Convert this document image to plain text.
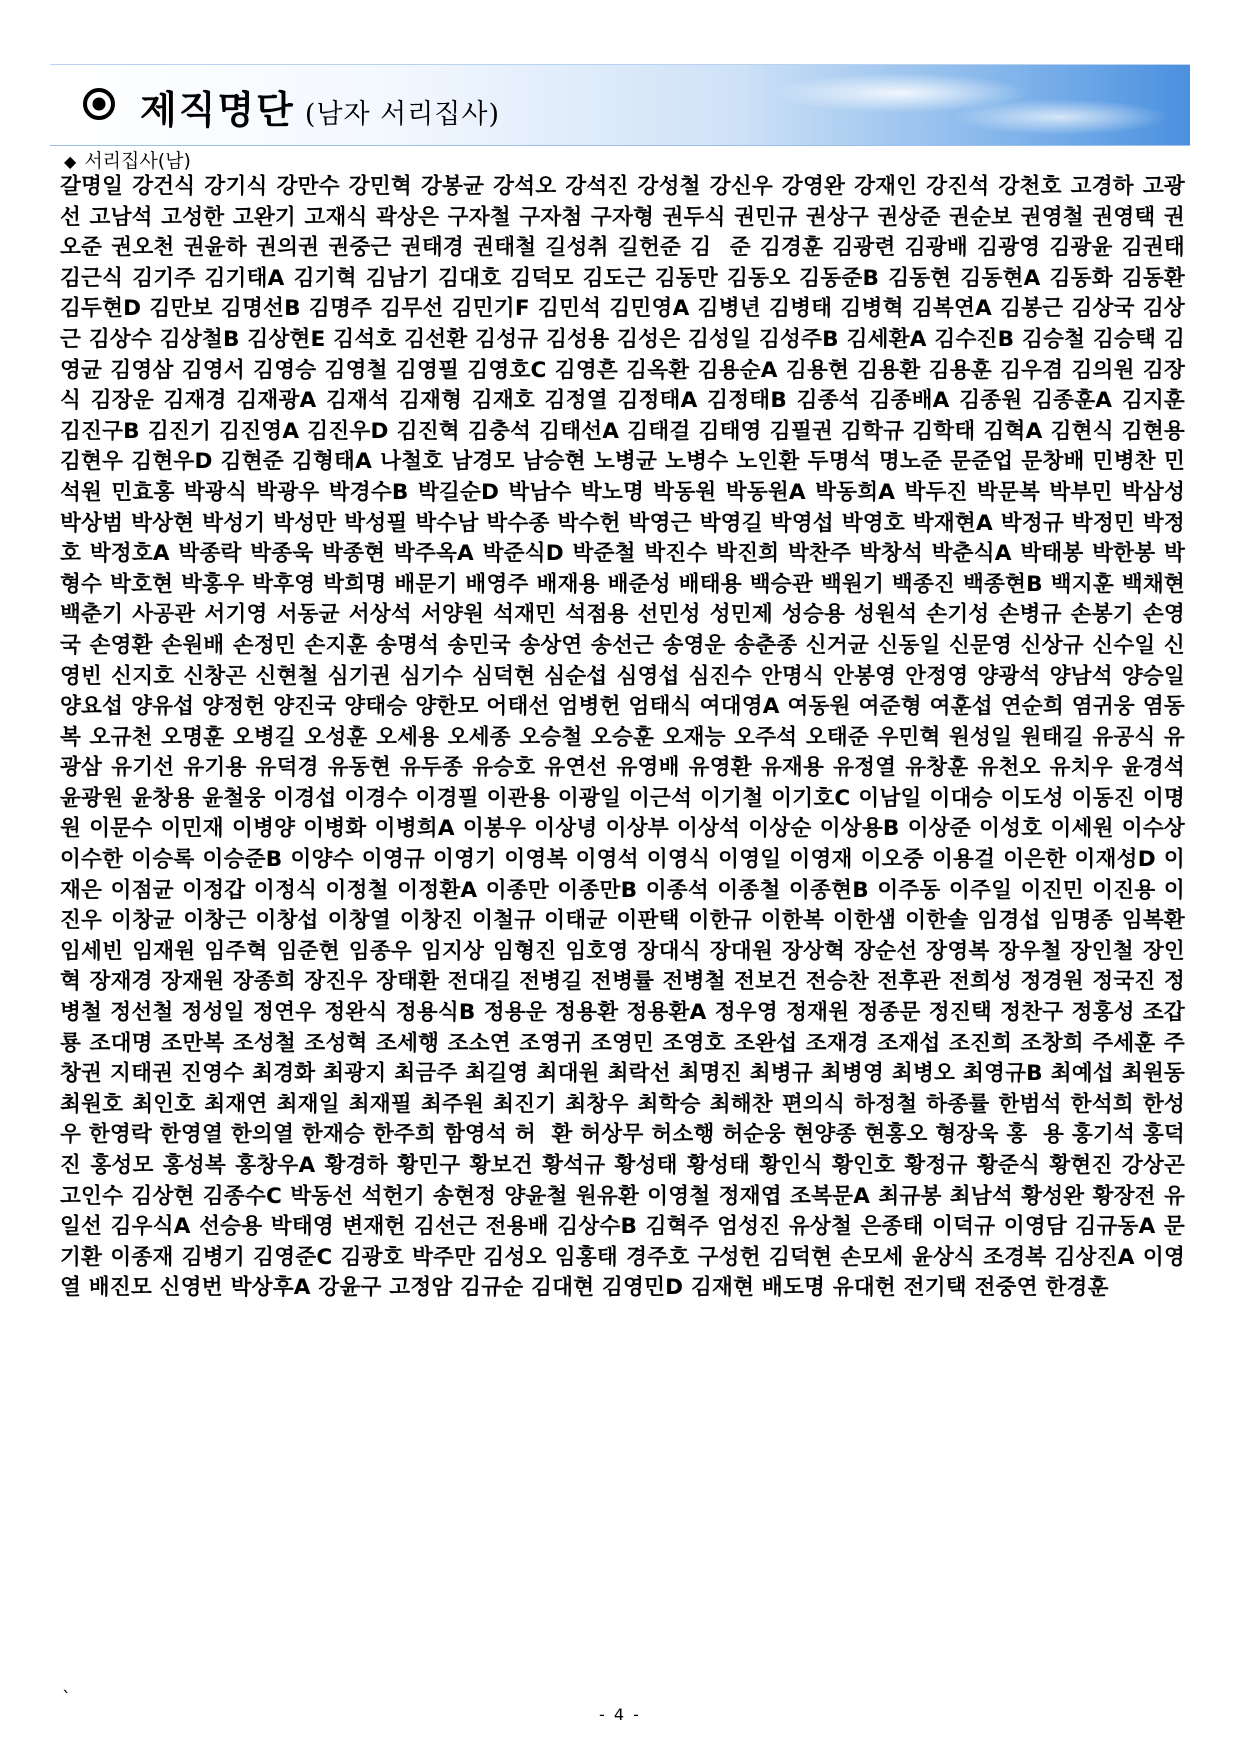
제직명단 (남자 서리집사)
◆ 서리집사(남)
갈명일 강건식 강기식 강만수 강민혁 강봉균 강석오 강석진 강성철 강신우 강영완 강재인 강진석 강천호 고경하 고광선 고남석 고성한 고완기 고재식 곽상은 구자철 구자첨 구자형 권두식 권민규 권상구 권상준 권순보 권영철 권영택 권오준 권오천 권윤하 권의권 권중근 권태경 권태철 길성취 길헌준 김  준 김경훈 김광련 김광배 김광영 김광윤 김권태 김근식 김기주 김기태A 김기혁 김남기 김대호 김덕모 김도근 김동만 김동오 김동준B 김동현 김동현A 김동화 김동환 김두현D 김만보 김명선B 김명주 김무선 김민기F 김민석 김민영A 김병년 김병태 김병혁 김복연A 김봉근 김상국 김상근 김상수 김상철B 김상현E 김석호 김선환 김성규 김성용 김성은 김성일 김성주B 김세환A 김수진B 김승철 김승택 김영균 김영삼 김영서 김영승 김영철 김영필 김영호C 김영흔 김옥환 김용순A 김용현 김용환 김용훈 김우겸 김의원 김장식 김장운 김재경 김재광A 김재석 김재형 김재호 김정열 김정태A 김정태B 김종석 김종배A 김종원 김종훈A 김지훈 김진구B 김진기 김진영A 김진우D 김진혁 김충석 김태선A 김태걸 김태영 김필권 김학규 김학태 김혁A 김현식 김현용 김현우 김현우D 김현준 김형태A 나철호 남경모 남승현 노병균 노병수 노인환 두명석 명노준 문준업 문창배 민병찬 민석원 민효홍 박광식 박광우 박경수B 박길순D 박남수 박노명 박동원 박동원A 박동희A 박두진 박문복 박부민 박삼성 박상범 박상현 박성기 박성만 박성필 박수남 박수종 박수헌 박영근 박영길 박영섭 박영호 박재현A 박정규 박정민 박정호 박정호A 박종락 박종욱 박종현 박주옥A 박준식D 박준철 박진수 박진희 박찬주 박창석 박춘식A 박태봉 박한봉 박형수 박호현 박홍우 박후영 박희명 배문기 배영주 배재용 배준성 배태용 백승관 백원기 백종진 백종현B 백지훈 백채현 백춘기 사공관 서기영 서동균 서상석 서양원 석재민 석점용 선민성 성민제 성승용 성원석 손기성 손병규 손봉기 손영국 손영환 손원배 손정민 손지훈 송명석 송민국 송상연 송선근 송영운 송춘종 신거균 신동일 신문영 신상규 신수일 신영빈 신지호 신창곤 신현철 심기권 심기수 심덕현 심순섭 심영섭 심진수 안명식 안봉영 안정영 양광석 양남석 양승일 양요섭 양유섭 양정헌 양진국 양태승 양한모 어태선 엄병헌 엄태식 여대영A 여동원 여준형 여훈섭 연순희 염귀웅 염동복 오규천 오명훈 오병길 오성훈 오세용 오세종 오승철 오승훈 오재능 오주석 오태준 우민혁 원성일 원태길 유공식 유광삼 유기선 유기용 유덕경 유동현 유두종 유승호 유연선 유영배 유영환 유재용 유정열 유창훈 유천오 유치우 윤경석 윤광원 윤창용 윤철웅 이경섭 이경수 이경필 이관용 이광일 이근석 이기철 이기호C 이남일 이대승 이도성 이동진 이명원 이문수 이민재 이병양 이병화 이병희A 이봉우 이상녕 이상부 이상석 이상순 이상용B 이상준 이성호 이세원 이수상 이수한 이승록 이승준B 이양수 이영규 이영기 이영복 이영석 이영식 이영일 이영재 이오중 이용걸 이은한 이재성D 이재은 이점균 이정갑 이정식 이정철 이정환A 이종만 이종만B 이종석 이종철 이종현B 이주동 이주일 이진민 이진용 이진우 이창균 이창근 이창섭 이창열 이창진 이철규 이태균 이판택 이한규 이한복 이한샘 이한솔 임경섭 임명종 임복환 임세빈 임재원 임주혁 임준현 임종우 임지상 임형진 임호영 장대식 장대원 장상혁 장순선 장영복 장우철 장인철 장인혁 장재경 장재원 장종희 장진우 장태환 전대길 전병길 전병률 전병철 전보건 전승찬 전후관 전희성 정경원 정국진 정병철 정선철 정성일 정연우 정완식 정용식B 정용운 정용환 정용환A 정우영 정재원 정종문 정진택 정찬구 정홍성 조갑룡 조대명 조만복 조성철 조성혁 조세행 조소연 조영귀 조영민 조영호 조완섭 조재경 조재섭 조진희 조창희 주세훈 주창권 지태권 진영수 최경화 최광지 최금주 최길영 최대원 최락선 최명진 최병규 최병영 최병오 최영규B 최예섭 최원동 최원호 최인호 최재연 최재일 최재필 최주원 최진기 최창우 최학승 최해찬 편의식 하정철 하종률 한범석 한석희 한성우 한영락 한영열 한의열 한재승 한주희 함영석 허  환 허상무 허소행 허순웅 현양종 현홍오 형장욱 홍  용 홍기석 홍덕진 홍성모 홍성복 홍창우A 황경하 황민구 황보건 황석규 황성태 황성태 황인식 황인호 황정규 황준식 황현진 강상곤 고인수 김상현 김종수C 박동선 석헌기 송현정 양윤철 원유환 이영철 정재엽 조복문A 최규봉 최남석 황성완 황장전 유일선 김우식A 선승용 박태영 변재헌 김선근 전용배 김상수B 김혁주 엄성진 유상철 은종태 이덕규 이영담 김규동A 문기환 이종재 김병기 김영준C 김광호 박주만 김성오 임홍태 경주호 구성헌 김덕현 손모세 윤상식 조경복 김상진A 이영열 배진모 신영번 박상후A 강윤구 고정암 김규순 김대현 김영민D 김재현 배도명 유대헌 전기택 전중연 한경훈
`
- 4 -
